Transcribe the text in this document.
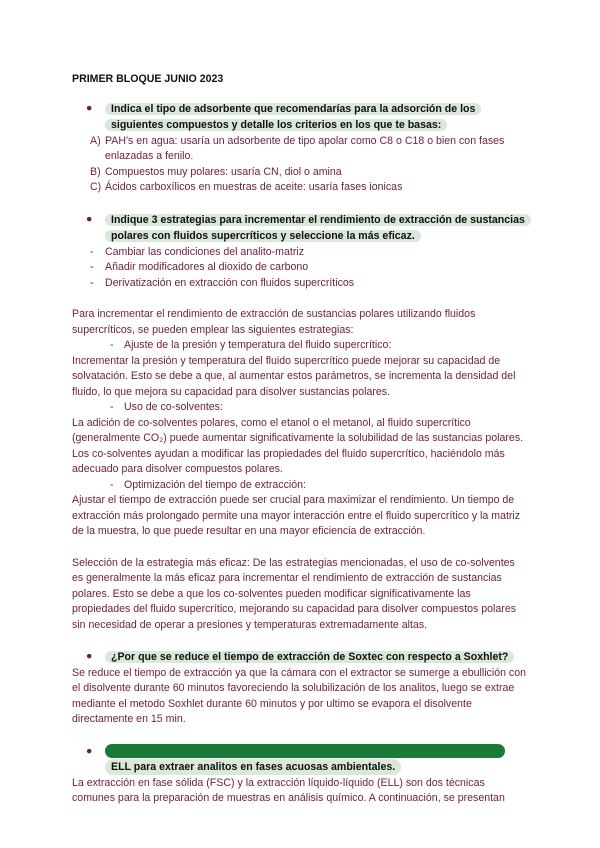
PRIMER BLOQUE JUNIO 2023
● Indica el tipo de adsorbente que recomendarías para la adsorción de los siguientes compuestos y detalle los criterios en los que te basas:
A) PAH's en agua: usaría un adsorbente de tipo apolar como C8 o C18 o bien con fases enlazadas a fenilo.
B) Compuestos muy polares: usaría CN, diol o amina
C) Ácidos carboxílicos en muestras de aceite: usaría fases ionicas
● Indique 3 estrategias para incrementar el rendimiento de extracción de sustancias polares con fluidos supercríticos y seleccione la más eficaz.
- Cambiar las condiciones del analito-matriz
- Añadir modificadores al dioxido de carbono
- Derivatización en extracción con fluidos supercríticos

Para incrementar el rendimiento de extracción de sustancias polares utilizando fluidos supercríticos, se pueden emplear las siguientes estrategias:

- Ajuste de la presión y temperatura del fluido supercrítico:

Incrementar la presión y temperatura del fluido supercrítico puede mejorar su capacidad de solvatación. Esto se debe a que, al aumentar estos parámetros, se incrementa la densidad del fluido, lo que mejora su capacidad para disolver sustancias polares.

- Uso de co-solventes:

La adición de co-solventes polares, como el etanol o el metanol, al fluido supercrítico (generalmente CO₂) puede aumentar significativamente la solubilidad de las sustancias polares. Los co-solventes ayudan a modificar las propiedades del fluido supercrítico, haciéndolo más adecuado para disolver compuestos polares.

- Optimización del tiempo de extracción:

Ajustar el tiempo de extracción puede ser crucial para maximizar el rendimiento. Un tiempo de extracción más prolongado permite una mayor interacción entre el fluido supercrítico y la matriz de la muestra, lo que puede resultar en una mayor eficiencia de extracción.

Selección de la estrategia más eficaz: De las estrategias mencionadas, el uso de co-solventes es generalmente la más eficaz para incrementar el rendimiento de extracción de sustancias polares. Esto se debe a que los co-solventes pueden modificar significativamente las propiedades del fluido supercrítico, mejorando su capacidad para disolver compuestos polares sin necesidad de operar a presiones y temperaturas extremadamente altas.

● ¿Por que se reduce el tiempo de extracción de Soxtec con respecto a Soxhlet?

Se reduce el tiempo de extracción ya que la cámara con el extractor se sumerge a ebullición con el disolvente durante 60 minutos favoreciendo la solubilización de los analitos, luego se extrae mediante el metodo Soxhlet durante 60 minutos y por ultimo se evapora el disolvente directamente en 15 min.

●
ELL para extraer analitos en fases acuosas ambientales.

La extracción en fase sólida (FSC) y la extracción líquido-líquido (ELL) son dos técnicas comunes para la preparación de muestras en análisis químico. A continuación, se presentan
